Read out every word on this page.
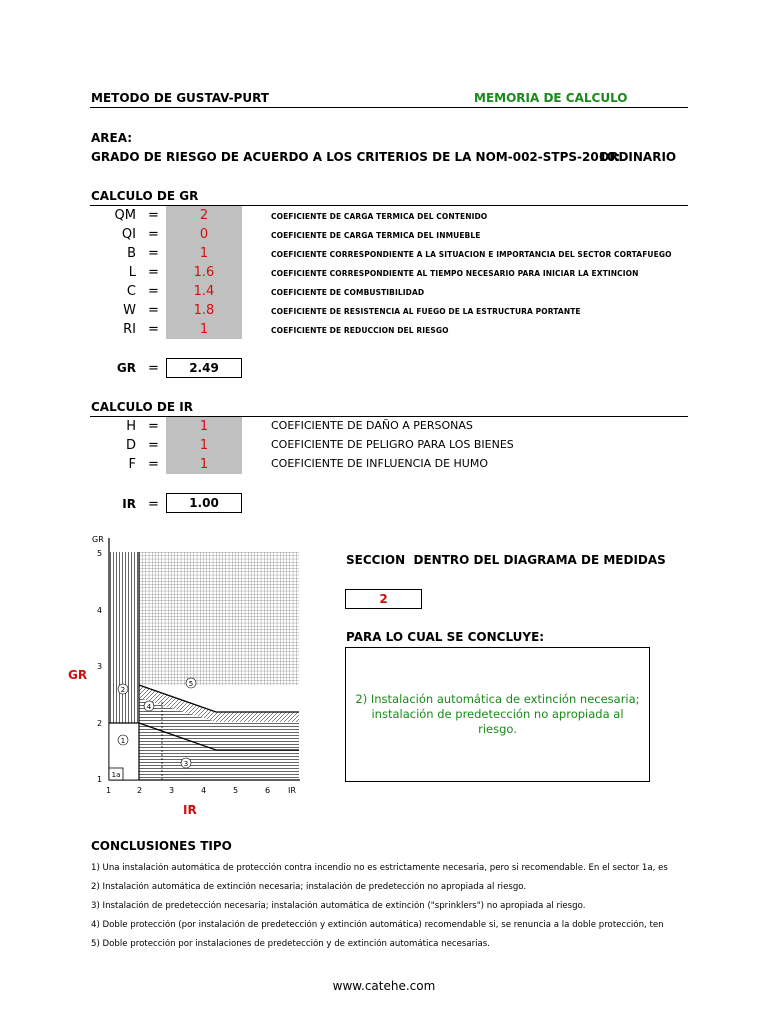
METODO DE GUSTAV-PURT	MEMORIA DE CALCULO
AREA:
GRADO DE RIESGO DE ACUERDO A LOS CRITERIOS DE LA NOM-002-STPS-2010:
ORDINARIO
CALCULO DE GR
QM =	2	COEFICIENTE DE CARGA TERMICA DEL CONTENIDO
QI =	0	COEFICIENTE DE CARGA TERMICA DEL INMUEBLE
B =	1	COEFICIENTE CORRESPONDIENTE A LA SITUACION E IMPORTANCIA DEL SECTOR CORTAFUEGO
L =	1.6	COEFICIENTE CORRESPONDIENTE AL TIEMPO NECESARIO PARA INICIAR LA EXTINCION
C =	1.4	COEFICIENTE DE COMBUSTIBILIDAD
W =	1.8	COEFICIENTE DE RESISTENCIA AL FUEGO DE LA ESTRUCTURA PORTANTE
RI =	1	COEFICIENTE DE REDUCCION DEL RIESGO
GR =	2.49
CALCULO DE IR
H =	1	COEFICIENTE DE DAÑO A PERSONAS
D =	1	COEFICIENTE DE PELIGRO PARA LOS BIENES
F =	1	COEFICIENTE DE INFLUENCIA DE HUMO
IR =	1.00
GR
IR
GR
1
2
3
4
5
1	2	3	4	5	6 IR
1a
1
2
3
4
5
SECCION  DENTRO DEL DIAGRAMA DE MEDIDAS
2
PARA LO CUAL SE CONCLUYE:
2) Instalación automática de extinción necesaria; instalación de predetección no apropiada al riesgo.
CONCLUSIONES TIPO
1) Una instalación automática de protección contra incendio no es estrictamente necesaria, pero si recomendable. En el sector 1a, es
2) Instalación automática de extinción necesaria; instalación de predetección no apropiada al riesgo.
3) Instalación de predetección necesaria; instalación automática de extinción ("sprinklers") no apropiada al riesgo.
4) Doble protección (por instalación de predetección y extinción automática) recomendable si, se renuncia a la doble protección, ten
5) Doble protección por instalaciones de predetección y de extinción automática necesarias.
www.catehe.com
